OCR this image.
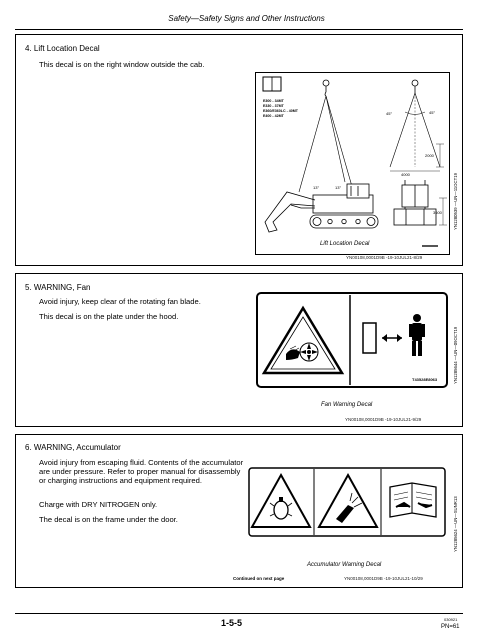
Safety—Safety Signs and Other Instructions
4. Lift Location Decal
This decal is on the right window outside the cab.
E300 - 34MT
E330 - 37MT
E360/E360LC - 40MT
E400 - 42MT
13°	13°
45°	45°
2000
4000
3600	YN1280539 —UN—11OCT19
Lift Location Decal
YN00108,0001D9B -19-10JUL21-8/29
5. WARNING, Fan
Avoid injury, keep clear of the rotating fan blade.
This decal is on the plate under the hood.
T43528E8063	YN1285644 —UN—09OCT19
Fan Warning Decal
YN00108,0001D9B -19-10JUL21-9/29
6. WARNING, Accumulator
Avoid injury from escaping fluid. Contents of the accumulator are under pressure. Refer to proper manual for disassembly or charging instructions and equipment required.
Charge with DRY NITROGEN only.
The decal is on the frame under the door.	YN1285624 —UN—SUNR13
Accumulator Warning Decal
Continued on next page	YN00108,0001D9B -19-10JUL21-10/29
1-5-5	030921
PN=61
